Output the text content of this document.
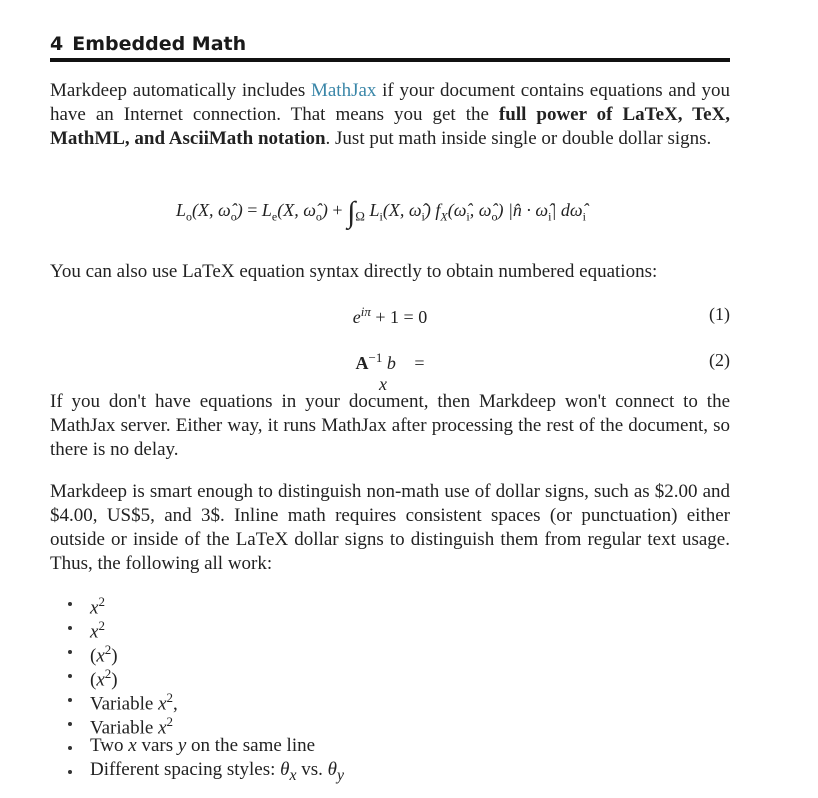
4 Embedded Math

Markdeep automatically includes MathJax if your document contains equations and you have an Internet connection. That means you get the full power of LaTeX, TeX, MathML, and AsciiMath notation. Just put math inside single or double dollar signs.

$L_o(X$, $\omegâ_o) = L_e(X$, $\omegâ_o) + \int_\Omega$ $L_i(X$, $\omegâ_i$) $f_X(\omegâ_i$, $\omegâ_o$) |n̂ · $\omegâ_i|$ $d\omegâ_i$

You can also use LaTeX equation syntax directly to obtain numbered equations:

$e^{i\pi} + 1 = 0$	(1)
$A^{-1}$ b⃗ = x⃗
(2)

If you don't have equations in your document, then Markdeep won't connect to the MathJax server. Either way, it runs MathJax after processing the rest of the document, so there is no delay.

Markdeep is smart enough to distinguish non-math use of dollar signs, such as $2.00 and $4.00, US$5, and 3$. Inline math requires consistent spaces (or punctuation) either outside or inside of the LaTeX dollar signs to distinguish them from regular text usage. Thus, the following all work:

$x^2$
$x^2$
$(x^2)$
$(x^2)$
Variable $x^2$,
Variable $x^2$
Two x vars y on the same line
Different spacing styles: $\theta_x$ vs. $\theta_y$
